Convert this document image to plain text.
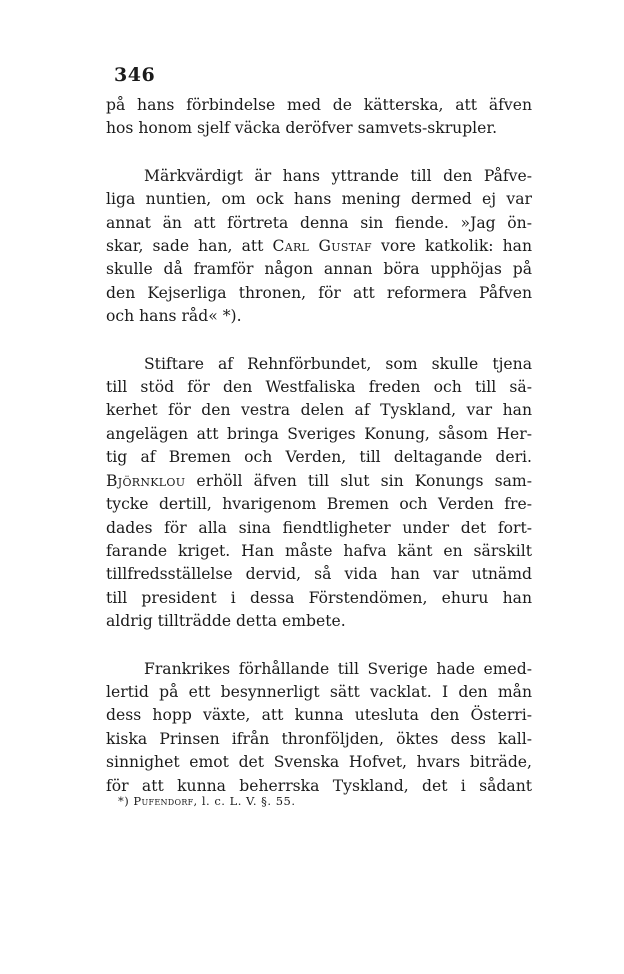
346

på hans förbindelse med de kätterska, att äfven
hos honom sjelf väcka deröfver samvets-skrupler.

Märkvärdigt är hans yttrande till den Påfve-
liga nuntien, om ock hans mening dermed ej var
annat än att förtreta denna sin fiende. »Jag ön-
skar, sade han, att Carl Gustaf vore katkolik: han
skulle då framför någon annan böra upphöjas på
den Kejserliga thronen, för att reformera Påfven
och hans råd« *).

Stiftare af Rehnförbundet, som skulle tjena
till stöd för den Westfaliska freden och till sä-
kerhet för den vestra delen af Tyskland, var han
angelägen att bringa Sveriges Konung, såsom Her-
tig af Bremen och Verden, till deltagande deri.
Björnklou erhöll äfven till slut sin Konungs sam-
tycke dertill, hvarigenom Bremen och Verden fre-
dades för alla sina fiendtligheter under det fort-
farande kriget. Han måste hafva känt en särskilt
tillfredsställelse dervid, så vida han var utnämd
till president i dessa Förstendömen, ehuru han
aldrig tillträdde detta embete.

Frankrikes förhållande till Sverige hade emed-
lertid på ett besynnerligt sätt vacklat. I den mån
dess hopp växte, att kunna utesluta den Österri-
kiska Prinsen ifrån thronföljden, öktes dess kall-
sinnighet emot det Svenska Hofvet, hvars biträde,
för att kunna beherrska Tyskland, det i sådant

*) Pufendorf, l. c. L. V. §. 55.
